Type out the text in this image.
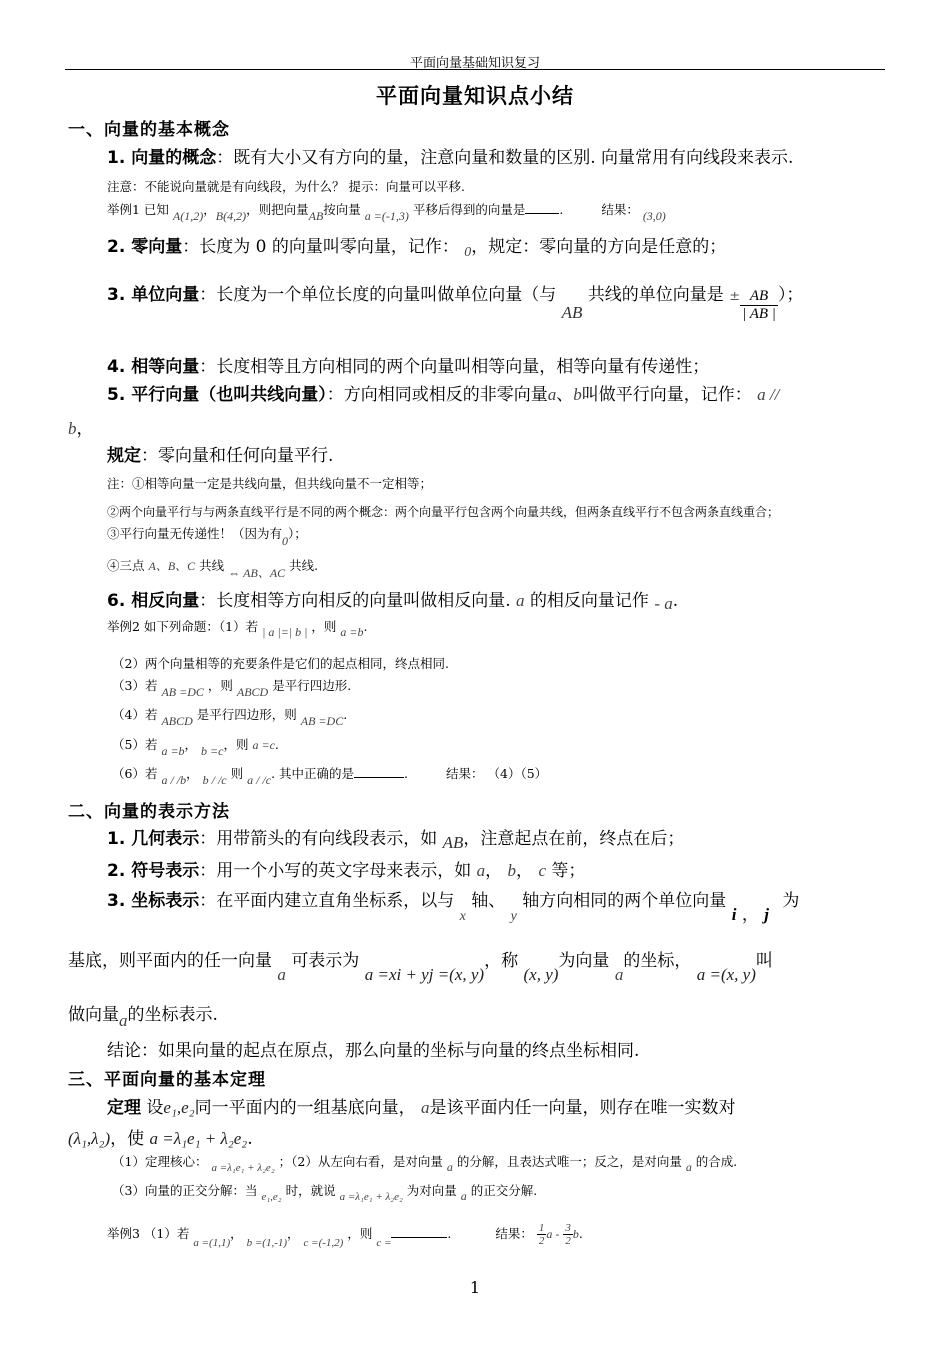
平面向量基础知识复习
平面向量知识点小结
一、向量的基本概念
1. 向量的概念：既有大小又有方向的量，注意向量和数量的区别. 向量常用有向线段来表示.
注意：不能说向量就是有向线段，为什么？ 提示：向量可以平移.
举例1 已知 A(1,2)，B(4,2)，则把向量AB按向量 a =(-1,3) 平移后得到的向量是	.	结果： (3,0)
2. 零向量：长度为 0 的向量叫零向量，记作： $_0$，规定：零向量的方向是任意的；
3. 单位向量：长度为一个单位长度的向量叫做单位向量（与 AB 共线的单位向量是 ± $\frac{AB}{| AB |}$ ）；
4. 相等向量：长度相等且方向相同的两个向量叫相等向量，相等向量有传递性；
5. 平行向量（也叫共线向量）：方向相同或相反的非零向量a、b叫做平行向量，记作： a //
b，
规定：零向量和任何向量平行.
注：①相等向量一定是共线向量，但共线向量不一定相等；
②两个向量平行与与两条直线平行是不同的两个概念：两个向量平行包含两个向量共线，但两条直线平行不包含两条直线重合；
③平行向量无传递性！（因为有0）；
④三点 A、B、C 共线 ⇔ AB、AC 共线.
6. 相反向量：长度相等方向相反的向量叫做相反向量. a 的相反向量记作 - a.
举例2 如下列命题：（1）若 | a |=| b | ，则 a =b.
（2）两个向量相等的充要条件是它们的起点相同，终点相同.
（3）若 AB =DC ，则 ABCD 是平行四边形.
（4）若 ABCD 是平行四边形，则 AB =DC.
（5）若 a =b， b =c，则 a =c.
（6）若 a / /b， b / /c 则 a / /c. 其中正确的是	.	结果： （4）（5）
二、向量的表示方法
1. 几何表示：用带箭头的有向线段表示，如 AB，注意起点在前，终点在后；
2. 符号表示：用一个小写的英文字母来表示，如 a， b， c 等；
3. 坐标表示：在平面内建立直角坐标系，以与 $_x$ 轴、 $_y$ 轴方向相同的两个单位向量 i ， j 为
基底，则平面内的任一向量 a 可表示为 a =xi + yj =(x, y)，称 (x, y)为向量 a的坐标， a =(x, y)叫
做向量a的坐标表示.
结论：如果向量的起点在原点，那么向量的坐标与向量的终点坐标相同.
三、平面向量的基本定理
定理 设e₁,e₂同一平面内的一组基底向量， a是该平面内任一向量，则存在唯一实数对
(λ₁,λ₂)，使 a =λ₁e₁ + λ₂e₂.
（1）定理核心： a =λ₁e₁ + λ₂e₂ ；（2）从左向右看，是对向量 a 的分解，且表达式唯一；反之，是对向量 a 的合成.
（3）向量的正交分解：当 e₁,e₂ 时，就说 a =λ₁e₁ + λ₂e₂ 为对向量 a 的正交分解.
举例3 （1）若 a =(1,1)， b =(1,-1)， c =(-1,2) ，则 c =.	结果： $\frac{1}{2}$ a - $\frac{3}{2} b$.
1
